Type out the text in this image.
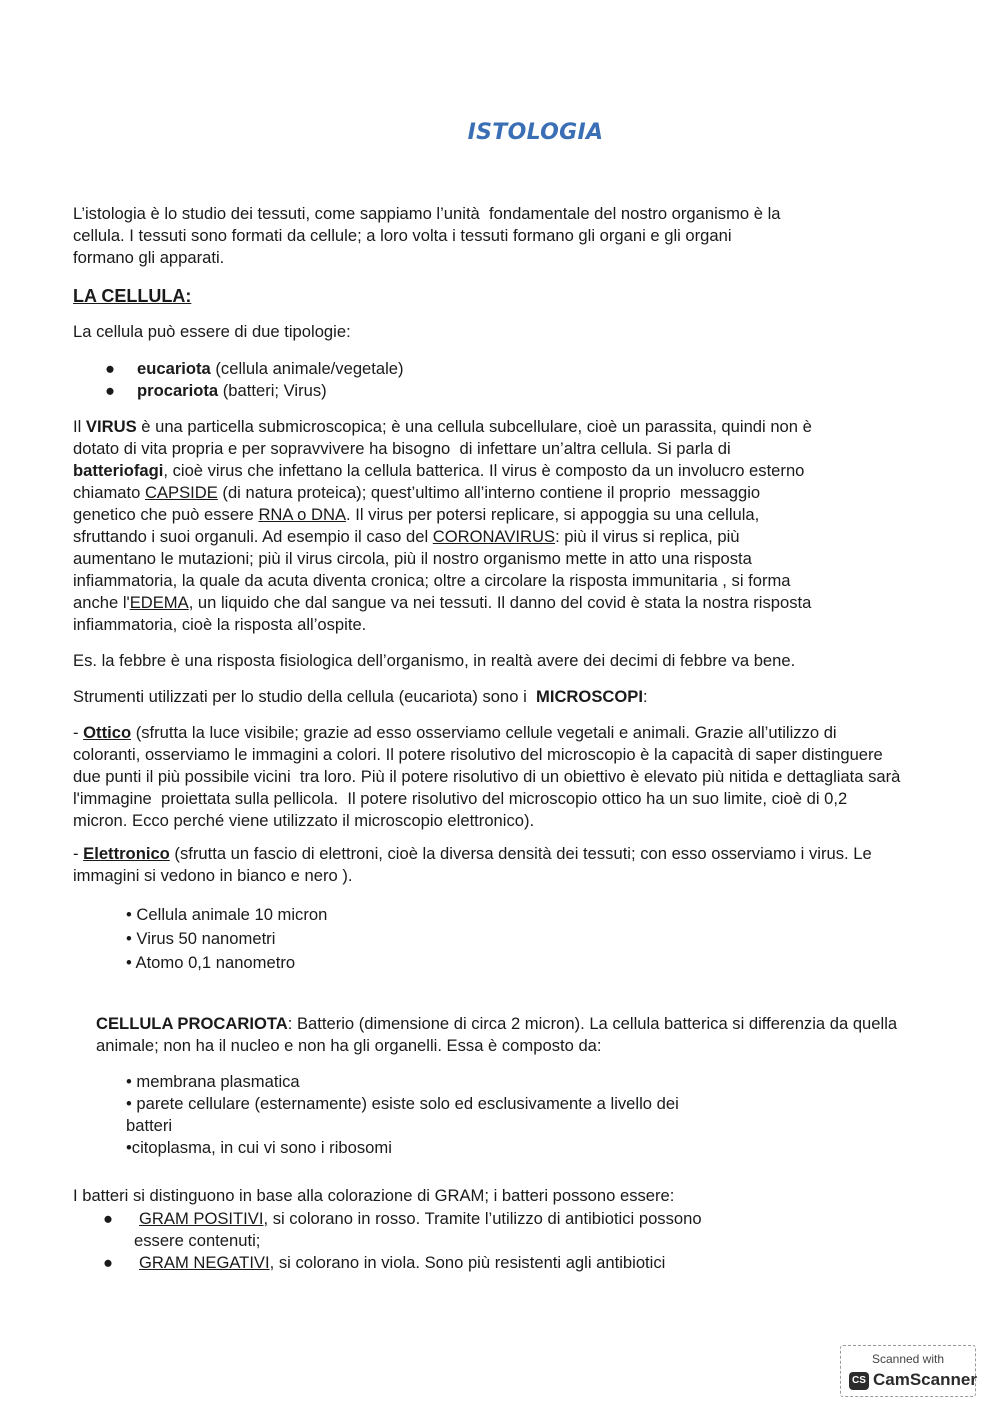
ISTOLOGIA
L’istologia è lo studio dei tessuti, come sappiamo l’unità  fondamentale del nostro organismo è la
cellula. I tessuti sono formati da cellule; a loro volta i tessuti formano gli organi e gli organi
formano gli apparati.
LA CELLULA:
La cellula può essere di due tipologie:
● eucariota (cellula animale/vegetale)
● procariota (batteri; Virus)
Il VIRUS è una particella submicroscopica; è una cellula subcellulare, cioè un parassita, quindi non è
dotato di vita propria e per sopravvivere ha bisogno  di infettare un’altra cellula. Si parla di
batteriofagi, cioè virus che infettano la cellula batterica. Il virus è composto da un involucro esterno
chiamato CAPSIDE (di natura proteica); quest’ultimo all’interno contiene il proprio  messaggio
genetico che può essere RNA o DNA. Il virus per potersi replicare, si appoggia su una cellula,
sfruttando i suoi organuli. Ad esempio il caso del CORONAVIRUS: più il virus si replica, più
aumentano le mutazioni; più il virus circola, più il nostro organismo mette in atto una risposta
infiammatoria, la quale da acuta diventa cronica; oltre a circolare la risposta immunitaria , si forma
anche l'EDEMA, un liquido che dal sangue va nei tessuti. Il danno del covid è stata la nostra risposta
infiammatoria, cioè la risposta all’ospite.
Es. la febbre è una risposta fisiologica dell’organismo, in realtà avere dei decimi di febbre va bene.
Strumenti utilizzati per lo studio della cellula (eucariota) sono i  MICROSCOPI:
- Ottico (sfrutta la luce visibile; grazie ad esso osserviamo cellule vegetali e animali. Grazie all’utilizzo di
coloranti, osserviamo le immagini a colori. Il potere risolutivo del microscopio è la capacità di saper distinguere
due punti il più possibile vicini  tra loro. Più il potere risolutivo di un obiettivo è elevato più nitida e dettagliata sarà
l'immagine  proiettata sulla pellicola.  Il potere risolutivo del microscopio ottico ha un suo limite, cioè di 0,2
micron. Ecco perché viene utilizzato il microscopio elettronico).
- Elettronico (sfrutta un fascio di elettroni, cioè la diversa densità dei tessuti; con esso osserviamo i virus. Le
immagini si vedono in bianco e nero ).
• Cellula animale 10 micron
• Virus 50 nanometri
• Atomo 0,1 nanometro
CELLULA PROCARIOTA: Batterio (dimensione di circa 2 micron). La cellula batterica si differenzia da quella
animale; non ha il nucleo e non ha gli organelli. Essa è composto da:
• membrana plasmatica
• parete cellulare (esternamente) esiste solo ed esclusivamente a livello dei
batteri
•citoplasma, in cui vi sono i ribosomi
I batteri si distinguono in base alla colorazione di GRAM; i batteri possono essere:
● GRAM POSITIVI, si colorano in rosso. Tramite l’utilizzo di antibiotici possono
essere contenuti;
● GRAM NEGATIVI, si colorano in viola. Sono più resistenti agli antibiotici
Scanned with
CS CamScanner
